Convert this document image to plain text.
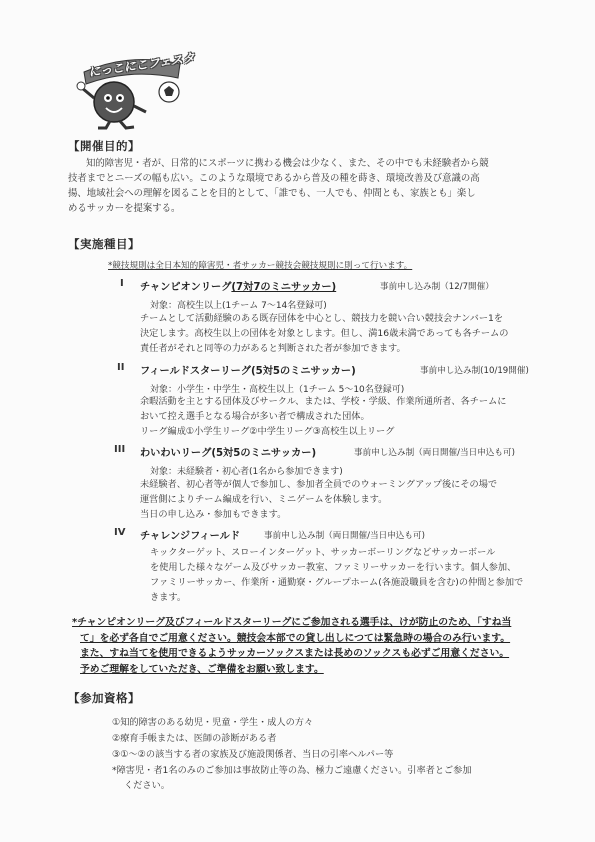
にっこにこフェスタ
【開催目的】
知的障害児・者が、日常的にスポーツに携わる機会は少なく、また、その中でも未経験者から競
技者までとニーズの幅も広い。このような環境であるから普及の種を蒔き、環境改善及び意識の高
揚、地域社会への理解を図ることを目的として、「誰でも、一人でも、仲間とも、家族とも」楽し
めるサッカーを提案する。
【実施種目】
*競技規則は全日本知的障害児・者サッカー競技会競技規則に則って行います。
I チャンピオンリーグ(7対7のミニサッカー)	事前申し込み制（12/7開催）
対象：高校生以上(1チーム 7～14名登録可)
チームとして活動経験のある既存団体を中心とし、競技力を競い合い競技会ナンバー1を
決定します。高校生以上の団体を対象とします。但し、満16歳未満であっても各チームの
責任者がそれと同等の力があると判断された者が参加できます。
II フィールドスターリーグ(5対5のミニサッカー)	事前申し込み制(10/19開催)
対象：小学生・中学生・高校生以上（1チーム 5～10名登録可)
余暇活動を主とする団体及びサークル、または、学校・学級、作業所通所者、各チームに
おいて控え選手となる場合が多い者で構成された団体。
リーグ編成①小学生リーグ②中学生リーグ③高校生以上リーグ
III わいわいリーグ(5対5のミニサッカー)	事前申し込み制（両日開催/当日申込も可)
対象：未経験者・初心者(1名から参加できます)
未経験者、初心者等が個人で参加し、参加者全員でのウォーミングアップ後にその場で
運営側によりチーム編成を行い、ミニゲームを体験します。
当日の申し込み・参加もできます。
IV チャレンジフィールド	事前申し込み制（両日開催/当日申込も可)
キックターゲット、スローインターゲット、サッカーボーリングなどサッカーボール
を使用した様々なゲーム及びサッカー教室、ファミリーサッカーを行います。個人参加、
ファミリーサッカー、作業所・通勤寮・グループホーム(各施設職員を含む)の仲間と参加で
きます。
*チャンピオンリーグ及びフィールドスターリーグにご参加される選手は、けが防止のため、「すね当
て」を必ず各自でご用意ください。競技会本部での貸し出しにつては緊急時の場合のみ行います。
また、すね当てを使用できるようサッカーソックスまたは長めのソックスも必ずご用意ください。
予めご理解をしていただき、ご準備をお願い致します。
【参加資格】
①知的障害のある幼児・児童・学生・成人の方々
②療育手帳または、医師の診断がある者
③①～②の該当する者の家族及び施設関係者、当日の引率ヘルパー等
*障害児・者1名のみのご参加は事故防止等の為、極力ご遠慮ください。引率者とご参加
ください。
